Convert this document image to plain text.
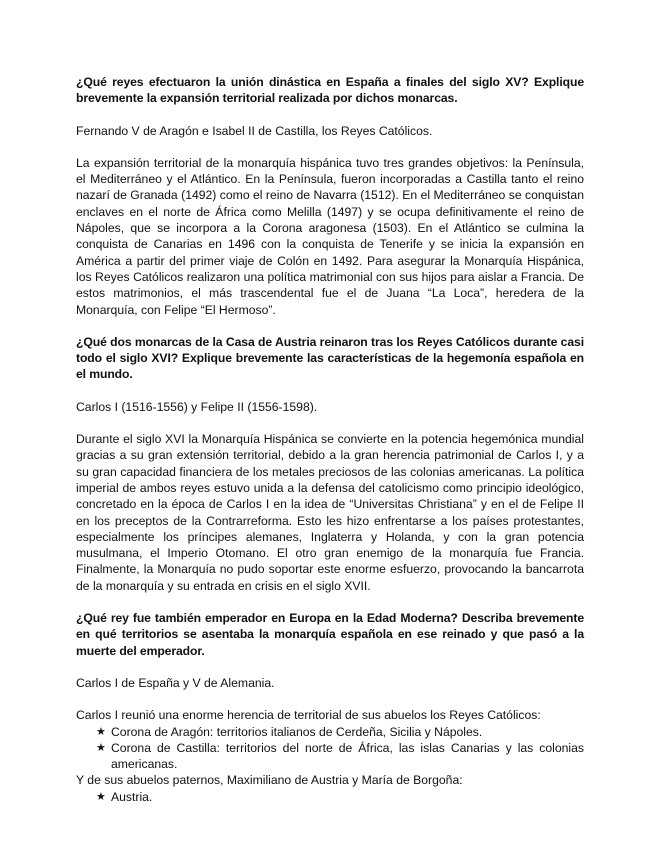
¿Qué reyes efectuaron la unión dinástica en España a finales del siglo XV? Explique brevemente la expansión territorial realizada por dichos monarcas.

Fernando V de Aragón e Isabel II de Castilla, los Reyes Católicos.

La expansión territorial de la monarquía hispánica tuvo tres grandes objetivos: la Península, el Mediterráneo y el Atlántico. En la Península, fueron incorporadas a Castilla tanto el reino nazarí de Granada (1492) como el reino de Navarra (1512). En el Mediterráneo se conquistan enclaves en el norte de África como Melilla (1497) y se ocupa definitivamente el reino de Nápoles, que se incorpora a la Corona aragonesa (1503). En el Atlántico se culmina la conquista de Canarias en 1496 con la conquista de Tenerife y se inicia la expansión en América a partir del primer viaje de Colón en 1492. Para asegurar la Monarquía Hispánica, los Reyes Católicos realizaron una política matrimonial con sus hijos para aislar a Francia. De estos matrimonios, el más trascendental fue el de Juana “La Loca”, heredera de la Monarquía, con Felipe “El Hermoso”.

¿Qué dos monarcas de la Casa de Austria reinaron tras los Reyes Católicos durante casi todo el siglo XVI? Explique brevemente las características de la hegemonía española en el mundo.

Carlos I (1516-1556) y Felipe II (1556-1598).

Durante el siglo XVI la Monarquía Hispánica se convierte en la potencia hegemónica mundial gracias a su gran extensión territorial, debido a la gran herencia patrimonial de Carlos I, y a su gran capacidad financiera de los metales preciosos de las colonias americanas. La política imperial de ambos reyes estuvo unida a la defensa del catolicismo como principio ideológico, concretado en la época de Carlos I en la idea de “Universitas Christiana” y en el de Felipe II en los preceptos de la Contrarreforma. Esto les hizo enfrentarse a los países protestantes, especialmente los príncipes alemanes, Inglaterra y Holanda, y con la gran potencia musulmana, el Imperio Otomano. El otro gran enemigo de la monarquía fue Francia. Finalmente, la Monarquía no pudo soportar este enorme esfuerzo, provocando la bancarrota de la monarquía y su entrada en crisis en el siglo XVII.

¿Qué rey fue también emperador en Europa en la Edad Moderna? Describa brevemente en qué territorios se asentaba la monarquía española en ese reinado y que pasó a la muerte del emperador.

Carlos I de España y V de Alemania.

Carlos I reunió una enorme herencia de territorial de sus abuelos los Reyes Católicos:

★ Corona de Aragón: territorios italianos de Cerdeña, Sicilia y Nápoles.
★ Corona de Castilla: territorios del norte de África, las islas Canarias y las colonias americanas.

Y de sus abuelos paternos, Maximiliano de Austria y María de Borgoña:

★ Austria.
